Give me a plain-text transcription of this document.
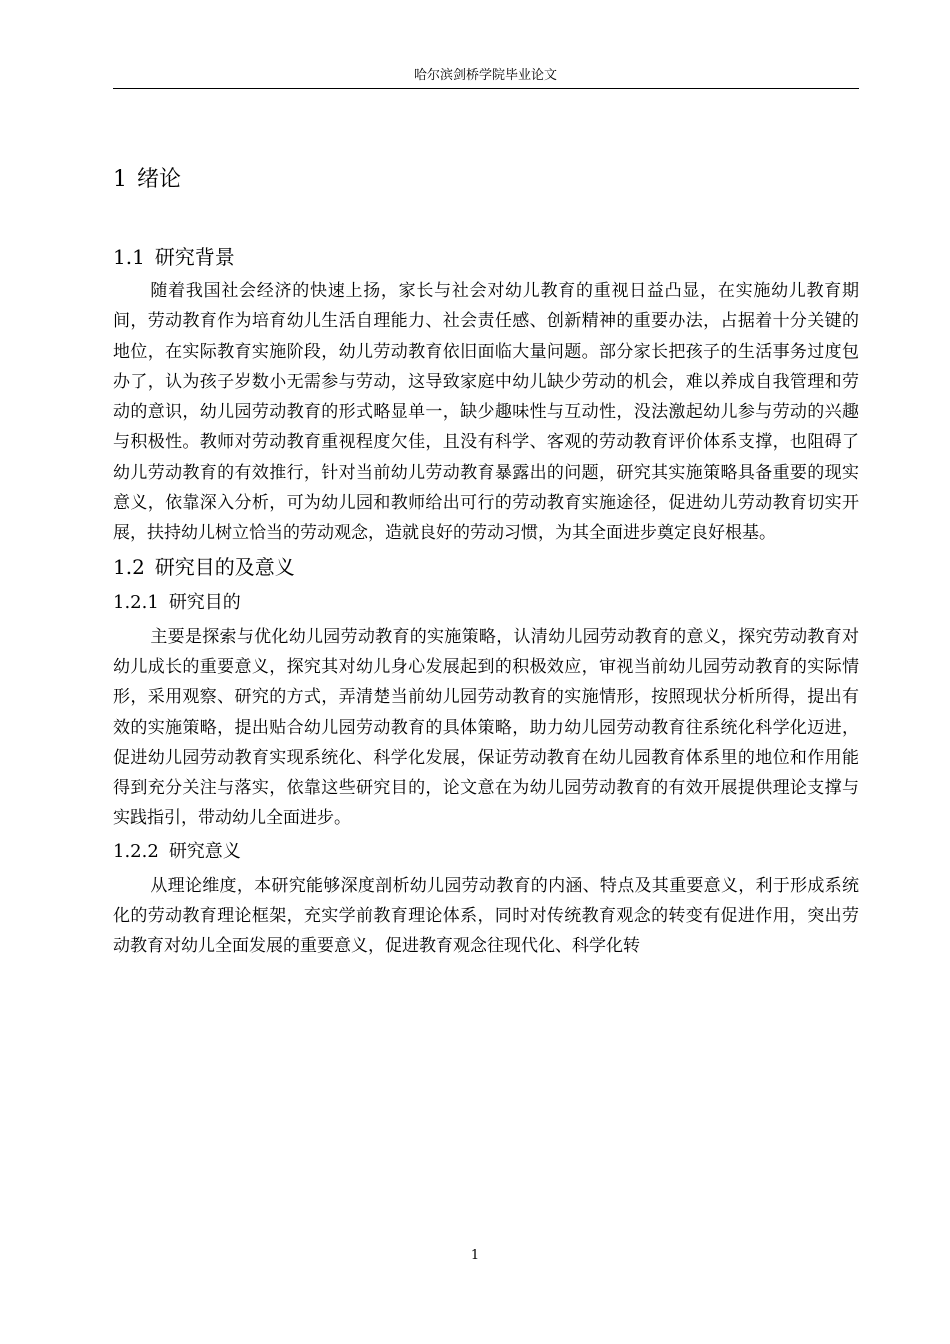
哈尔滨剑桥学院毕业论文
1 绪论
1.1 研究背景

随着我国社会经济的快速上扬，家长与社会对幼儿教育的重视日益凸显，在实施幼儿教育期间，劳动教育作为培育幼儿生活自理能力、社会责任感、创新精神的重要办法，占据着十分关键的地位，在实际教育实施阶段，幼儿劳动教育依旧面临大量问题。部分家长把孩子的生活事务过度包办了，认为孩子岁数小无需参与劳动，这导致家庭中幼儿缺少劳动的机会，难以养成自我管理和劳动的意识，幼儿园劳动教育的形式略显单一，缺少趣味性与互动性，没法激起幼儿参与劳动的兴趣与积极性。教师对劳动教育重视程度欠佳，且没有科学、客观的劳动教育评价体系支撑，也阻碍了幼儿劳动教育的有效推行，针对当前幼儿劳动教育暴露出的问题，研究其实施策略具备重要的现实意义，依靠深入分析，可为幼儿园和教师给出可行的劳动教育实施途径，促进幼儿劳动教育切实开展，扶持幼儿树立恰当的劳动观念，造就良好的劳动习惯，为其全面进步奠定良好根基。

1.2 研究目的及意义
1.2.1 研究目的

主要是探索与优化幼儿园劳动教育的实施策略，认清幼儿园劳动教育的意义，探究劳动教育对幼儿成长的重要意义，探究其对幼儿身心发展起到的积极效应，审视当前幼儿园劳动教育的实际情形，采用观察、研究的方式，弄清楚当前幼儿园劳动教育的实施情形，按照现状分析所得，提出有效的实施策略，提出贴合幼儿园劳动教育的具体策略，助力幼儿园劳动教育往系统化科学化迈进，促进幼儿园劳动教育实现系统化、科学化发展，保证劳动教育在幼儿园教育体系里的地位和作用能得到充分关注与落实，依靠这些研究目的，论文意在为幼儿园劳动教育的有效开展提供理论支撑与实践指引，带动幼儿全面进步。

1.2.2 研究意义

从理论维度，本研究能够深度剖析幼儿园劳动教育的内涵、特点及其重要意义，利于形成系统化的劳动教育理论框架，充实学前教育理论体系，同时对传统教育观念的转变有促进作用，突出劳动教育对幼儿全面发展的重要意义，促进教育观念往现代化、科学化转

1
